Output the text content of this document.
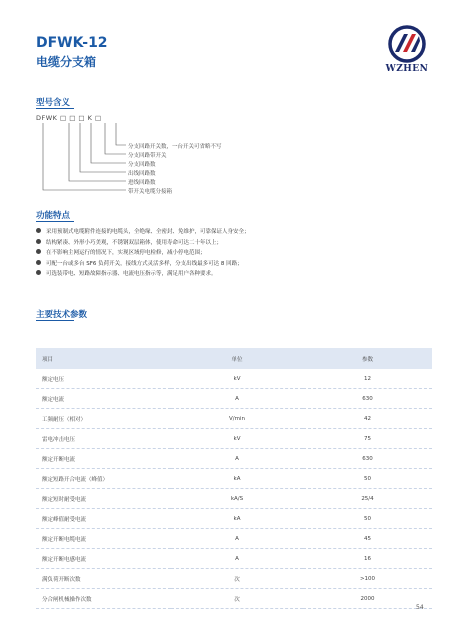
DFWK-12
电缆分支箱	WZHEN
型号含义
DFWK □ □ □ K □
分支回路开关数，一台开关可省略不写
分支回路带开关
分支回路数
出线回路数
进线回路数
带开关电缆分接箱
功能特点
采用预制式电缆附件连接的电缆头，全绝缘、全密封、免维护，可靠保证人身安全；
结构紧凑、外形小巧美观，不锈钢双层箱体，使用寿命可达二十年以上；
在不影响主网运行的情况下，实现区域停电检修，减小停电范围；
可配一台或多台 SF6 负荷开关，接线方式灵活多样，分支出线最多可达 8 回路；
可选装带电、短路故障指示器、电流电压指示等，满足用户各种要求。
主要技术参数
项目	单位	参数
额定电压	kV	12
额定电流	A	630
工频耐压（相对）	V/min	42
雷电冲击电压	kV	75
额定开断电流	A	630
额定短路开合电流（峰值）	kA	50
额定短时耐受电流	kA/S	25/4
额定峰值耐受电流	kA	50
额定开断电缆电流	A	45
额定开断电感电流	A	16
满负荷开断次数	次	>100
分合闸机械操作次数	次	2000
54
